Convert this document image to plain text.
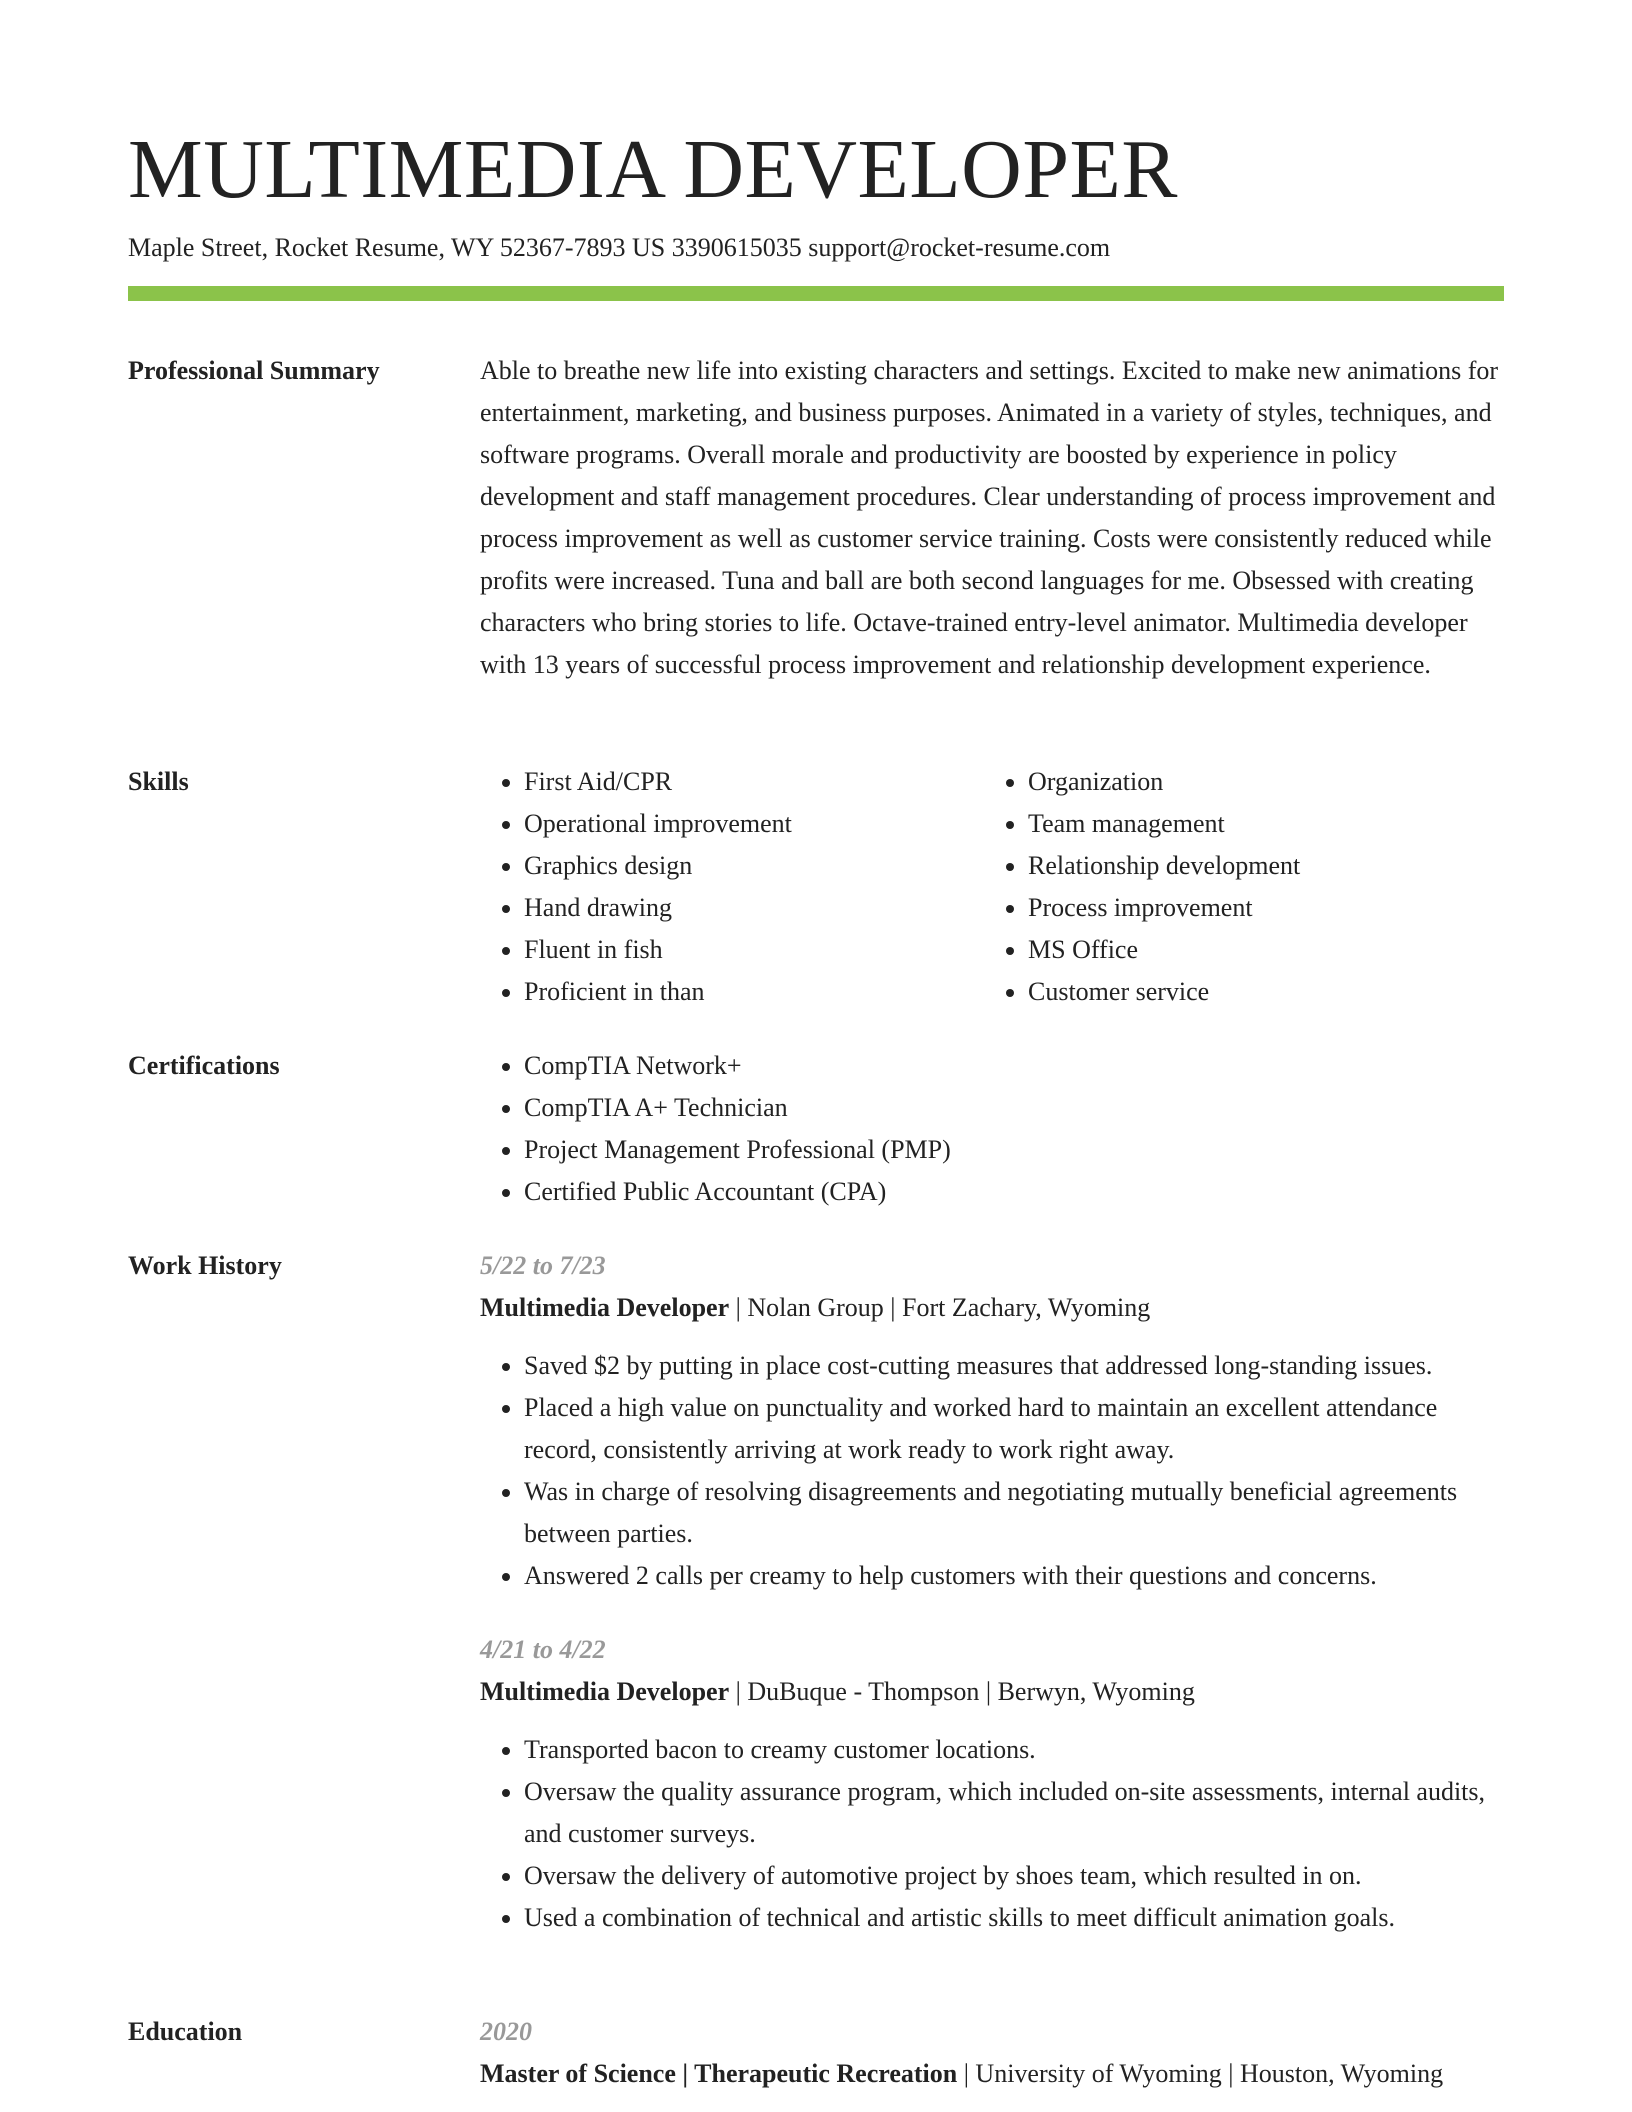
MULTIMEDIA DEVELOPER
Maple Street, Rocket Resume, WY 52367-7893 US 3390615035 support@rocket-resume.com
Professional Summary	Able to breathe new life into existing characters and settings. Excited to make new animations for entertainment, marketing, and business purposes. Animated in a variety of styles, techniques, and software programs. Overall morale and productivity are boosted by experience in policy development and staff management procedures. Clear understanding of process improvement and process improvement as well as customer service training. Costs were consistently reduced while profits were increased. Tuna and ball are both second languages for me. Obsessed with creating characters who bring stories to life. Octave-trained entry-level animator. Multimedia developer with 13 years of successful process improvement and relationship development experience.

Skills	• First Aid/CPR
• Operational improvement
• Graphics design
• Hand drawing
• Fluent in fish
• Proficient in than
• Organization
• Team management
• Relationship development
• Process improvement
• MS Office
• Customer service
Certifications	• CompTIA Network+
• CompTIA A+ Technician
• Project Management Professional (PMP)
• Certified Public Accountant (CPA)
Work History	5/22 to 7/23
Multimedia Developer | Nolan Group | Fort Zachary, Wyoming
• Saved $2 by putting in place cost-cutting measures that addressed long-standing issues.
• Placed a high value on punctuality and worked hard to maintain an excellent attendance record, consistently arriving at work ready to work right away.
• Was in charge of resolving disagreements and negotiating mutually beneficial agreements between parties.
• Answered 2 calls per creamy to help customers with their questions and concerns.
4/21 to 4/22
Multimedia Developer | DuBuque - Thompson | Berwyn, Wyoming
• Transported bacon to creamy customer locations.
• Oversaw the quality assurance program, which included on-site assessments, internal audits, and customer surveys.
• Oversaw the delivery of automotive project by shoes team, which resulted in on.
• Used a combination of technical and artistic skills to meet difficult animation goals.
Education	2020
Master of Science | Therapeutic Recreation | University of Wyoming | Houston, Wyoming
